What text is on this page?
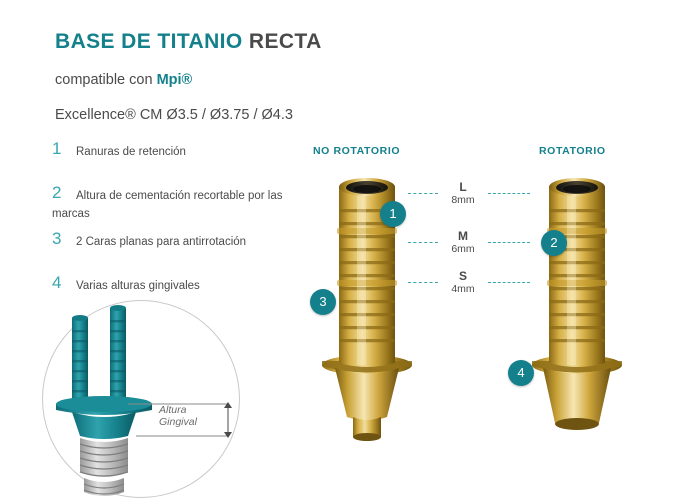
BASE DE TITANIO RECTA
compatible con Mpi®
Excellence® CM Ø3.5 / Ø3.75 / Ø4.3
1	Ranuras de retención
2	Altura de cementación recortable por las marcas
3	2 Caras planas para antirrotación
4	Varias alturas gingivales
NO ROTATORIO	ROTATORIO
L
8mm
M
6mm
S
4mm
1
3
2
4
Altura
Gingival
